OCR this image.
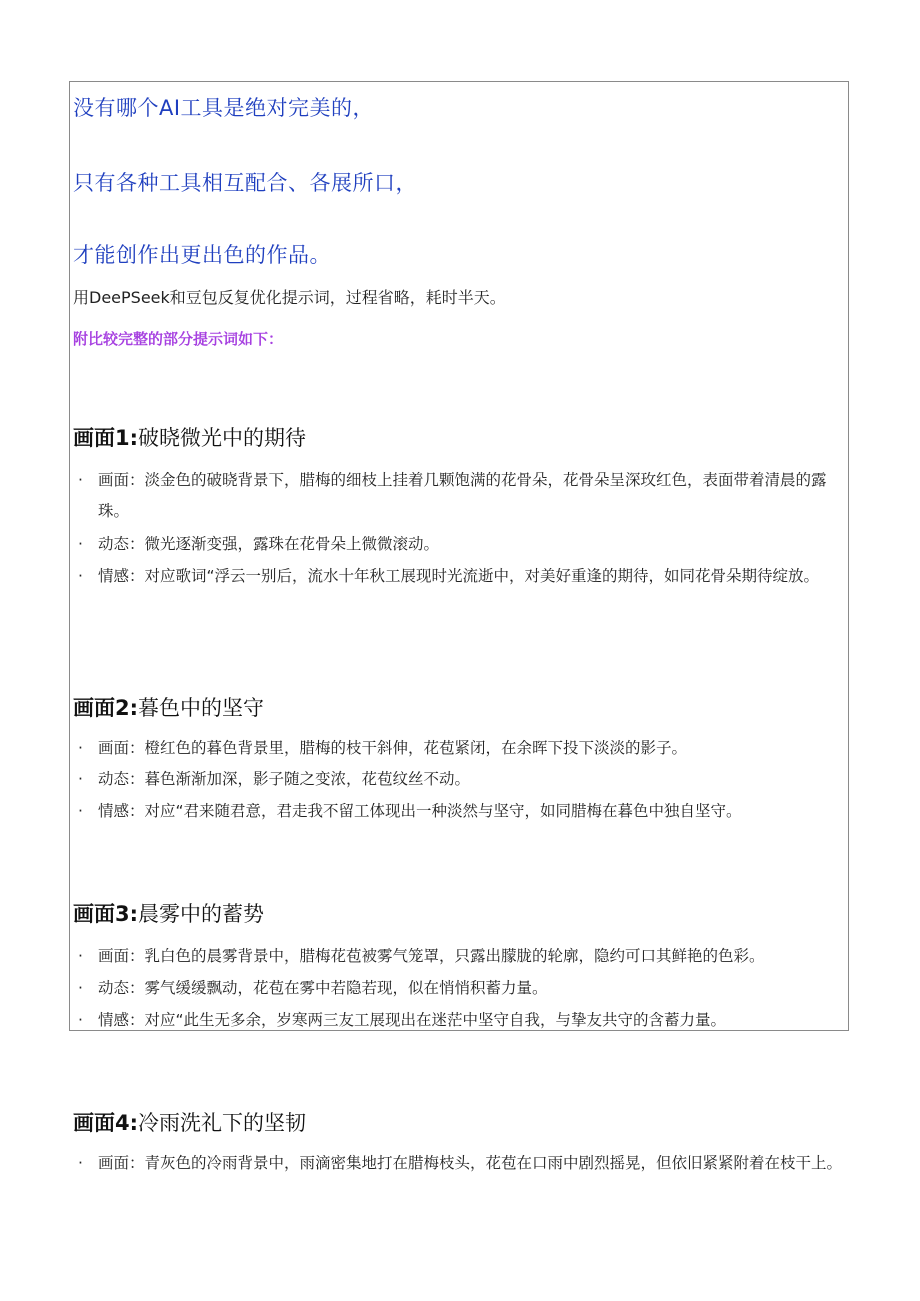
没有哪个AI工具是绝对完美的，
只有各种工具相互配合、各展所口，
才能创作出更出色的作品。
用DeePSeek和豆包反复优化提示词，过程省略，耗时半天。
附比较完整的部分提示词如下：
画面1:破晓微光中的期待
· 画面：淡金色的破晓背景下，腊梅的细枝上挂着几颗饱满的花骨朵，花骨朵呈深玫红色，表面带着清晨的露珠。
· 动态：微光逐渐变强，露珠在花骨朵上微微滚动。
· 情感：对应歌词“浮云一别后，流水十年秋工展现时光流逝中，对美好重逢的期待，如同花骨朵期待绽放。
画面2:暮色中的坚守
· 画面：橙红色的暮色背景里，腊梅的枝干斜伸，花苞紧闭，在余晖下投下淡淡的影子。
· 动态：暮色渐渐加深，影子随之变浓，花苞纹丝不动。
· 情感：对应“君来随君意，君走我不留工体现出一种淡然与坚守，如同腊梅在暮色中独自坚守。
画面3:晨雾中的蓄势
· 画面：乳白色的晨雾背景中，腊梅花苞被雾气笼罩，只露出朦胧的轮廓，隐约可口其鲜艳的色彩。
· 动态：雾气缓缓飘动，花苞在雾中若隐若现，似在悄悄积蓄力量。
· 情感：对应“此生无多余，岁寒两三友工展现出在迷茫中坚守自我，与挚友共守的含蓄力量。
画面4:冷雨洗礼下的坚韧
· 画面：青灰色的冷雨背景中，雨滴密集地打在腊梅枝头，花苞在口雨中剧烈摇晃，但依旧紧紧附着在枝干上。
